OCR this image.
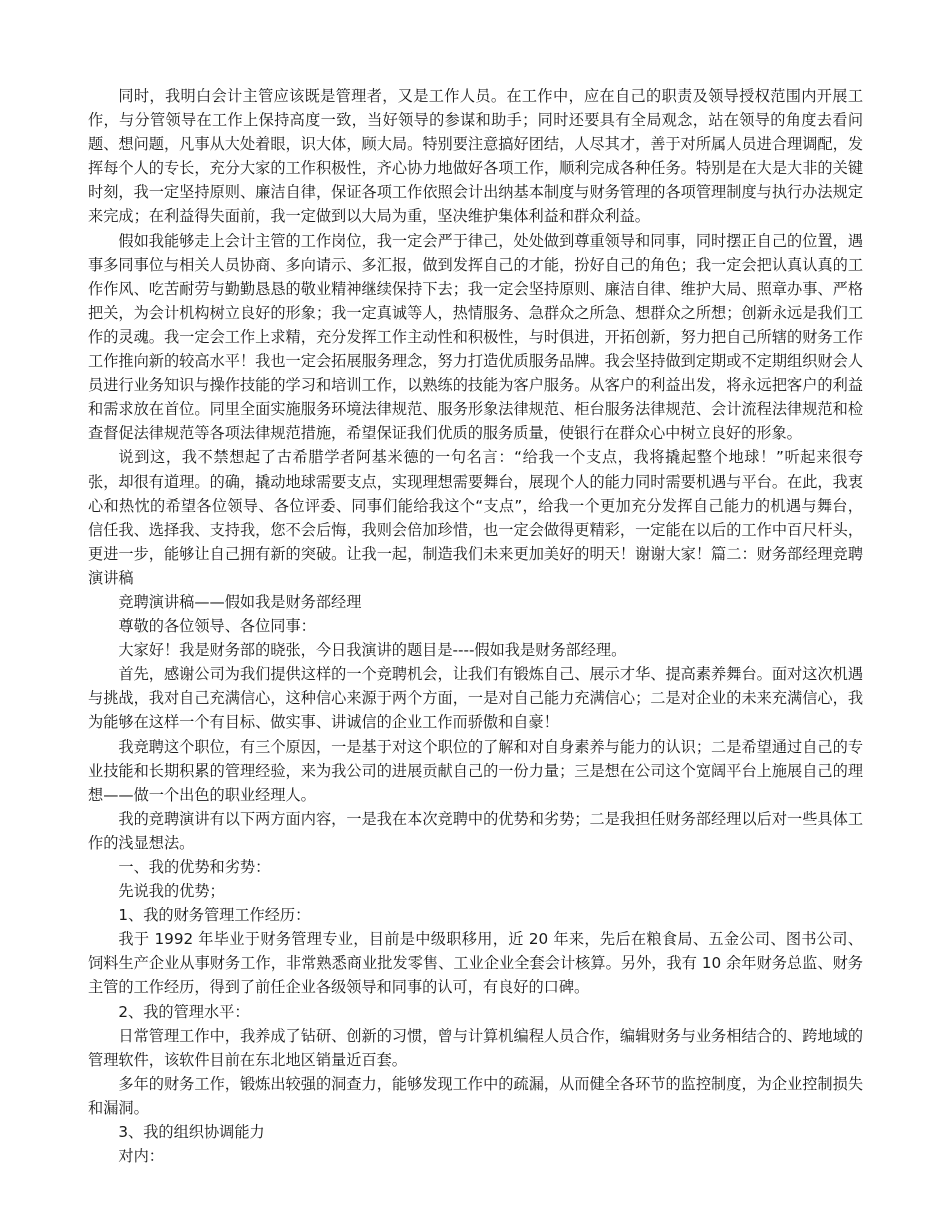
同时，我明白会计主管应该既是管理者，又是工作人员。在工作中，应在自己的职责及领导授权范围内开展工作，与分管领导在工作上保持高度一致，当好领导的参谋和助手；同时还要具有全局观念，站在领导的角度去看问题、想问题，凡事从大处着眼，识大体，顾大局。特别要注意搞好团结，人尽其才，善于对所属人员进合理调配，发挥每个人的专长，充分大家的工作积极性，齐心协力地做好各项工作，顺利完成各种任务。特别是在大是大非的关键时刻，我一定坚持原则、廉洁自律，保证各项工作依照会计出纳基本制度与财务管理的各项管理制度与执行办法规定来完成；在利益得失面前，我一定做到以大局为重，坚决维护集体利益和群众利益。

假如我能够走上会计主管的工作岗位，我一定会严于律己，处处做到尊重领导和同事，同时摆正自己的位置，遇事多同事位与相关人员协商、多向请示、多汇报，做到发挥自己的才能，扮好自己的角色；我一定会把认真认真的工作作风、吃苦耐劳与勤勤恳恳的敬业精神继续保持下去；我一定会坚持原则、廉洁自律、维护大局、照章办事、严格把关，为会计机构树立良好的形象；我一定真诚等人，热情服务、急群众之所急、想群众之所想；创新永远是我们工作的灵魂。我一定会工作上求精，充分发挥工作主动性和积极性，与时俱进，开拓创新，努力把自己所辖的财务工作工作推向新的较高水平！我也一定会拓展服务理念，努力打造优质服务品牌。我会坚持做到定期或不定期组织财会人员进行业务知识与操作技能的学习和培训工作，以熟练的技能为客户服务。从客户的利益出发，将永远把客户的利益和需求放在首位。同里全面实施服务环境法律规范、服务形象法律规范、柜台服务法律规范、会计流程法律规范和检查督促法律规范等各项法律规范措施，希望保证我们优质的服务质量，使银行在群众心中树立良好的形象。

说到这，我不禁想起了古希腊学者阿基米德的一句名言：“给我一个支点，我将撬起整个地球！”听起来很夸张，却很有道理。的确，撬动地球需要支点，实现理想需要舞台，展现个人的能力同时需要机遇与平台。在此，我衷心和热忱的希望各位领导、各位评委、同事们能给我这个“支点”，给我一个更加充分发挥自己能力的机遇与舞台，信任我、选择我、支持我，您不会后悔，我则会倍加珍惜，也一定会做得更精彩，一定能在以后的工作中百尺杆头，更进一步，能够让自己拥有新的突破。让我一起，制造我们未来更加美好的明天！谢谢大家！篇二：财务部经理竞聘演讲稿

竞聘演讲稿——假如我是财务部经理

尊敬的各位领导、各位同事：

大家好！我是财务部的晓张，今日我演讲的题目是----假如我是财务部经理。

首先，感谢公司为我们提供这样的一个竞聘机会，让我们有锻炼自己、展示才华、提高素养舞台。面对这次机遇与挑战，我对自己充满信心，这种信心来源于两个方面，一是对自己能力充满信心；二是对企业的未来充满信心，我为能够在这样一个有目标、做实事、讲诚信的企业工作而骄傲和自豪！

我竞聘这个职位，有三个原因，一是基于对这个职位的了解和对自身素养与能力的认识；二是希望通过自己的专业技能和长期积累的管理经验，来为我公司的进展贡献自己的一份力量；三是想在公司这个宽阔平台上施展自己的理想——做一个出色的职业经理人。

我的竞聘演讲有以下两方面内容，一是我在本次竞聘中的优势和劣势；二是我担任财务部经理以后对一些具体工作的浅显想法。

一、我的优势和劣势：

先说我的优势；

1、我的财务管理工作经历：

我于 1992 年毕业于财务管理专业，目前是中级职移用，近 20 年来，先后在粮食局、五金公司、图书公司、饲料生产企业从事财务工作，非常熟悉商业批发零售、工业企业全套会计核算。另外，我有 10 余年财务总监、财务主管的工作经历，得到了前任企业各级领导和同事的认可，有良好的口碑。

2、我的管理水平：

日常管理工作中，我养成了钻研、创新的习惯，曾与计算机编程人员合作，编辑财务与业务相结合的、跨地域的管理软件，该软件目前在东北地区销量近百套。

多年的财务工作，锻炼出较强的洞查力，能够发现工作中的疏漏，从而健全各环节的监控制度，为企业控制损失和漏洞。

3、我的组织协调能力

对内：
